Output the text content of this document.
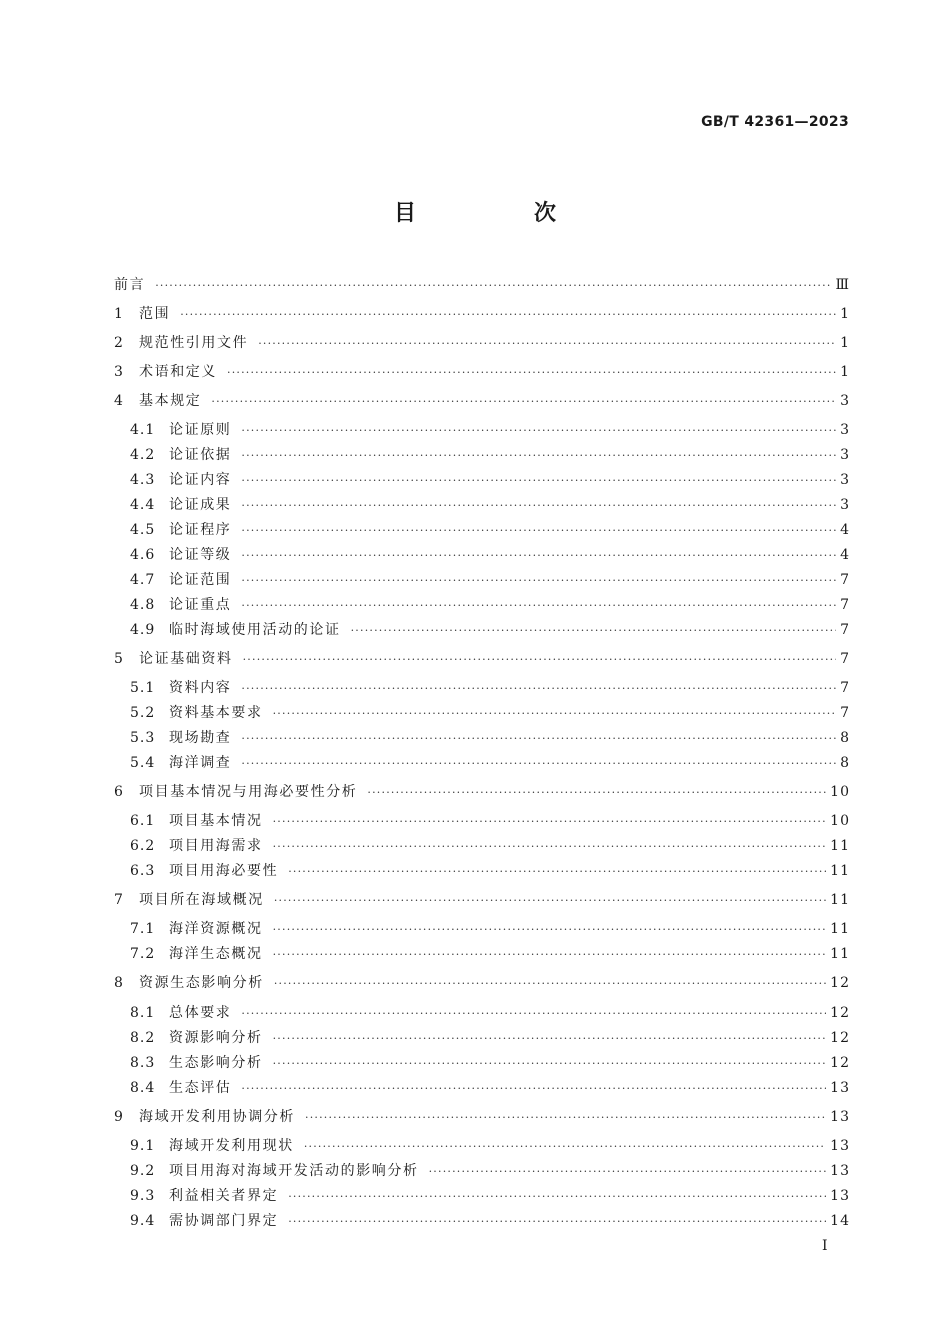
GB/T 42361—2023
目　次
前言 ·····	Ⅲ
1	范围 ·····	1
2	规范性引用文件 ·····	1
3	术语和定义 ·····	1
4	基本规定 ·····	3
4.1 论证原则 ·····	3
4.2 论证依据 ·····	3
4.3 论证内容 ·····	3
4.4 论证成果 ·····	3
4.5 论证程序 ·····	4
4.6 论证等级 ·····	4
4.7 论证范围 ·····	7
4.8 论证重点 ·····	7
4.9 临时海域使用活动的论证 ·····	7
5	论证基础资料 ·····	7
5.1 资料内容 ·····	7
5.2 资料基本要求 ·····	7
5.3 现场勘查 ·····	8
5.4 海洋调查 ·····	8
6	项目基本情况与用海必要性分析 ·····	10
6.1 项目基本情况 ·····	10
6.2 项目用海需求 ·····	11
6.3 项目用海必要性 ·····	11
7	项目所在海域概况 ·····	11
7.1 海洋资源概况 ·····	11
7.2 海洋生态概况 ·····	11
8	资源生态影响分析 ·····	12
8.1 总体要求 ·····	12
8.2 资源影响分析 ·····	12
8.3 生态影响分析 ·····	12
8.4 生态评估 ·····	13
9	海域开发利用协调分析 ·····	13
9.1 海域开发利用现状 ·····	13
9.2 项目用海对海域开发活动的影响分析 ·····	13
9.3 利益相关者界定 ·····	13
9.4 需协调部门界定 ·····	14
I
